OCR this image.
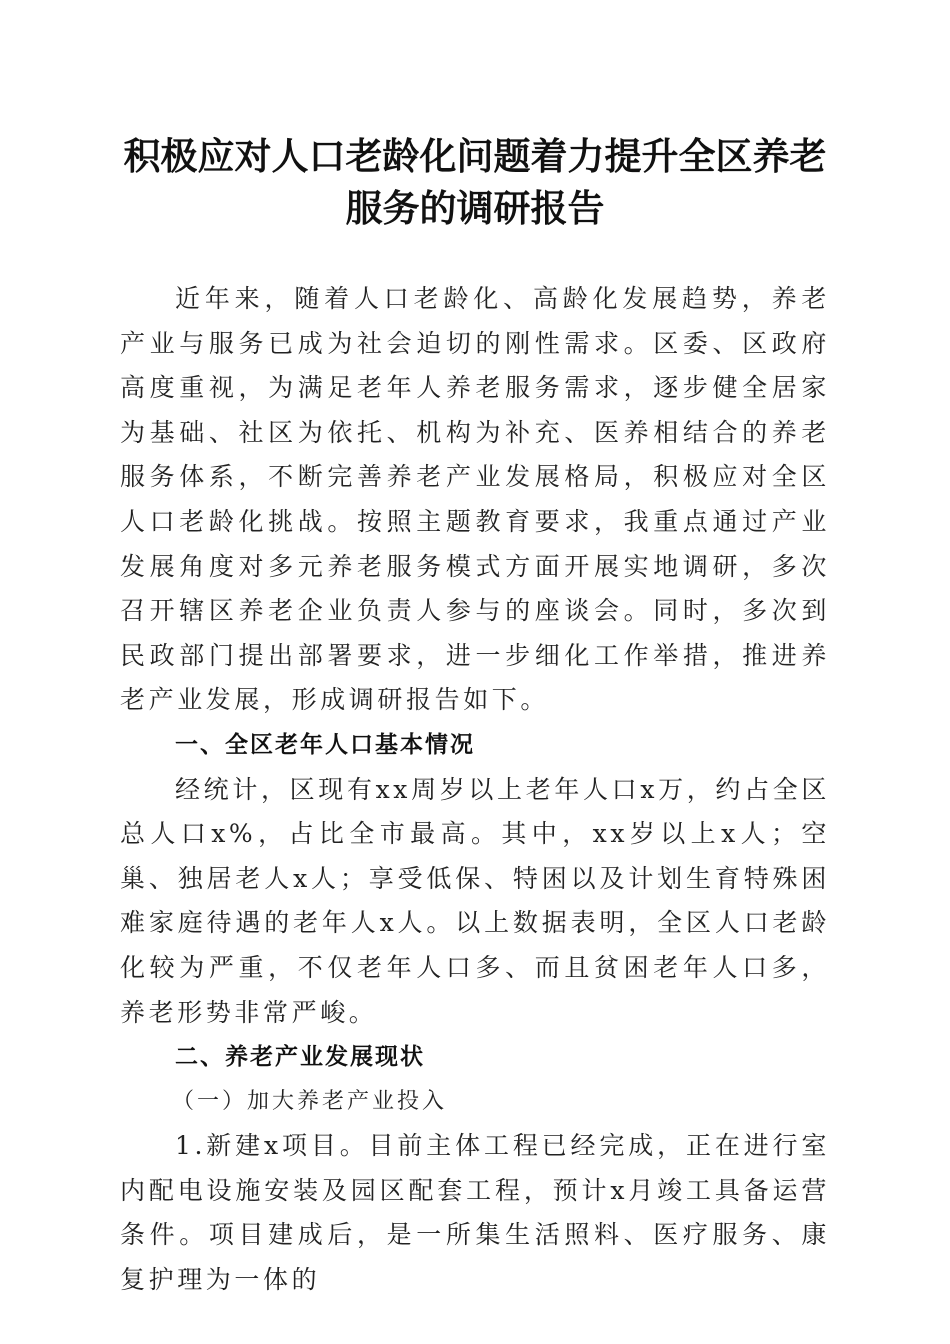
积极应对人口老龄化问题着力提升全区养老服务的调研报告

近年来，随着人口老龄化、高龄化发展趋势，养老产业与服务已成为社会迫切的刚性需求。区委、区政府高度重视，为满足老年人养老服务需求，逐步健全居家为基础、社区为依托、机构为补充、医养相结合的养老服务体系，不断完善养老产业发展格局，积极应对全区人口老龄化挑战。按照主题教育要求，我重点通过产业发展角度对多元养老服务模式方面开展实地调研，多次召开辖区养老企业负责人参与的座谈会。同时，多次到民政部门提出部署要求，进一步细化工作举措，推进养老产业发展，形成调研报告如下。

一、全区老年人口基本情况

经统计，区现有xx周岁以上老年人口x万，约占全区总人口x%，占比全市最高。其中，xx岁以上x人；空巢、独居老人x人；享受低保、特困以及计划生育特殊困难家庭待遇的老年人x人。以上数据表明，全区人口老龄化较为严重，不仅老年人口多、而且贫困老年人口多，养老形势非常严峻。

二、养老产业发展现状

（一）加大养老产业投入

1.新建x项目。目前主体工程已经完成，正在进行室内配电设施安装及园区配套工程，预计x月竣工具备运营条件。项目建成后，是一所集生活照料、医疗服务、康复护理为一体的
